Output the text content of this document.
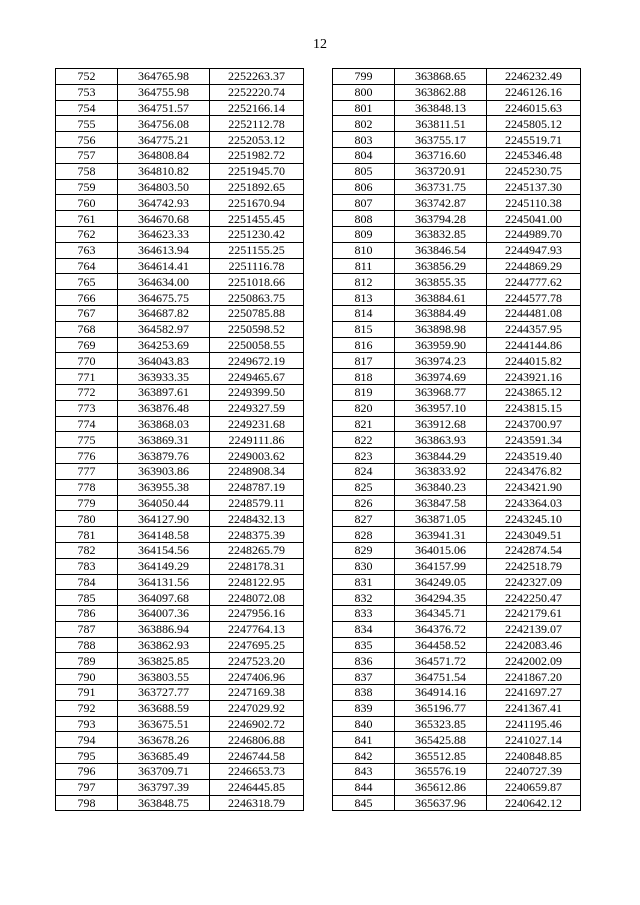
12
752	364765.98	2252263.37
753	364755.98	2252220.74
754	364751.57	2252166.14
755	364756.08	2252112.78
756	364775.21	2252053.12
757	364808.84	2251982.72
758	364810.82	2251945.70
759	364803.50	2251892.65
760	364742.93	2251670.94
761	364670.68	2251455.45
762	364623.33	2251230.42
763	364613.94	2251155.25
764	364614.41	2251116.78
765	364634.00	2251018.66
766	364675.75	2250863.75
767	364687.82	2250785.88
768	364582.97	2250598.52
769	364253.69	2250058.55
770	364043.83	2249672.19
771	363933.35	2249465.67
772	363897.61	2249399.50
773	363876.48	2249327.59
774	363868.03	2249231.68
775	363869.31	2249111.86
776	363879.76	2249003.62
777	363903.86	2248908.34
778	363955.38	2248787.19
779	364050.44	2248579.11
780	364127.90	2248432.13
781	364148.58	2248375.39
782	364154.56	2248265.79
783	364149.29	2248178.31
784	364131.56	2248122.95
785	364097.68	2248072.08
786	364007.36	2247956.16
787	363886.94	2247764.13
788	363862.93	2247695.25
789	363825.85	2247523.20
790	363803.55	2247406.96
791	363727.77	2247169.38
792	363688.59	2247029.92
793	363675.51	2246902.72
794	363678.26	2246806.88
795	363685.49	2246744.58
796	363709.71	2246653.73
797	363797.39	2246445.85
798	363848.75	2246318.79
799	363868.65	2246232.49
800	363862.88	2246126.16
801	363848.13	2246015.63
802	363811.51	2245805.12
803	363755.17	2245519.71
804	363716.60	2245346.48
805	363720.91	2245230.75
806	363731.75	2245137.30
807	363742.87	2245110.38
808	363794.28	2245041.00
809	363832.85	2244989.70
810	363846.54	2244947.93
811	363856.29	2244869.29
812	363855.35	2244777.62
813	363884.61	2244577.78
814	363884.49	2244481.08
815	363898.98	2244357.95
816	363959.90	2244144.86
817	363974.23	2244015.82
818	363974.69	2243921.16
819	363968.77	2243865.12
820	363957.10	2243815.15
821	363912.68	2243700.97
822	363863.93	2243591.34
823	363844.29	2243519.40
824	363833.92	2243476.82
825	363840.23	2243421.90
826	363847.58	2243364.03
827	363871.05	2243245.10
828	363941.31	2243049.51
829	364015.06	2242874.54
830	364157.99	2242518.79
831	364249.05	2242327.09
832	364294.35	2242250.47
833	364345.71	2242179.61
834	364376.72	2242139.07
835	364458.52	2242083.46
836	364571.72	2242002.09
837	364751.54	2241867.20
838	364914.16	2241697.27
839	365196.77	2241367.41
840	365323.85	2241195.46
841	365425.88	2241027.14
842	365512.85	2240848.85
843	365576.19	2240727.39
844	365612.86	2240659.87
845	365637.96	2240642.12
